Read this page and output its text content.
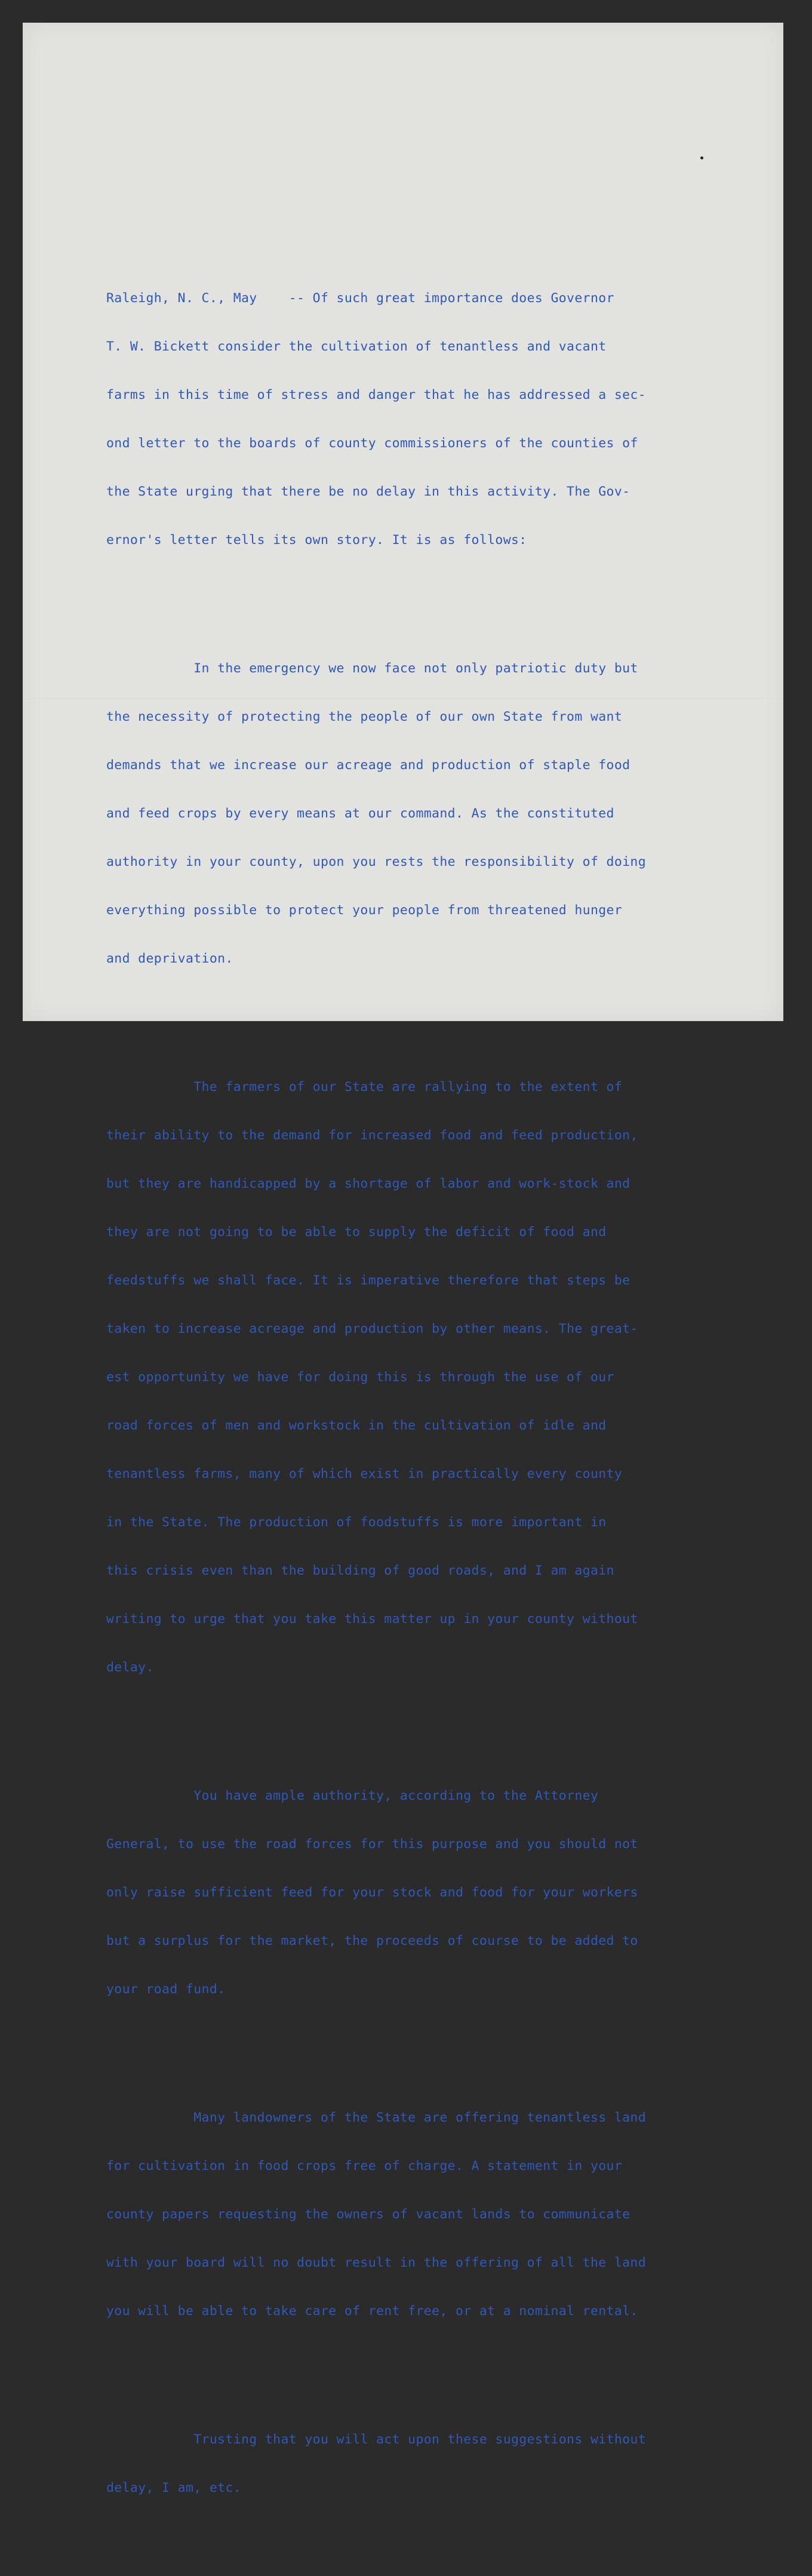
Raleigh, N. C., May    -- Of such great importance does Governor

T. W. Bickett consider the cultivation of tenantless and vacant

farms in this time of stress and danger that he has addressed a sec-

ond letter to the boards of county commissioners of the counties of

the State urging that there be no delay in this activity. The Gov-

ernor's letter tells its own story. It is as follows:

In the emergency we now face not only patriotic duty but

the necessity of protecting the people of our own State from want

demands that we increase our acreage and production of staple food

and feed crops by every means at our command. As the constituted

authority in your county, upon you rests the responsibility of doing

everything possible to protect your people from threatened hunger

and deprivation.

The farmers of our State are rallying to the extent of

their ability to the demand for increased food and feed production,

but they are handicapped by a shortage of labor and work-stock and

they are not going to be able to supply the deficit of food and

feedstuffs we shall face. It is imperative therefore that steps be

taken to increase acreage and production by other means. The great-

est opportunity we have for doing this is through the use of our

road forces of men and workstock in the cultivation of idle and

tenantless farms, many of which exist in practically every county

in the State. The production of foodstuffs is more important in

this crisis even than the building of good roads, and I am again

writing to urge that you take this matter up in your county without

delay.

You have ample authority, according to the Attorney

General, to use the road forces for this purpose and you should not

only raise sufficient feed for your stock and food for your workers

but a surplus for the market, the proceeds of course to be added to

your road fund.

Many landowners of the State are offering tenantless land

for cultivation in food crops free of charge. A statement in your

county papers requesting the owners of vacant lands to communicate

with your board will no doubt result in the offering of all the land

you will be able to take care of rent free, or at a nominal rental.

Trusting that you will act upon these suggestions without

delay, I am, etc.
